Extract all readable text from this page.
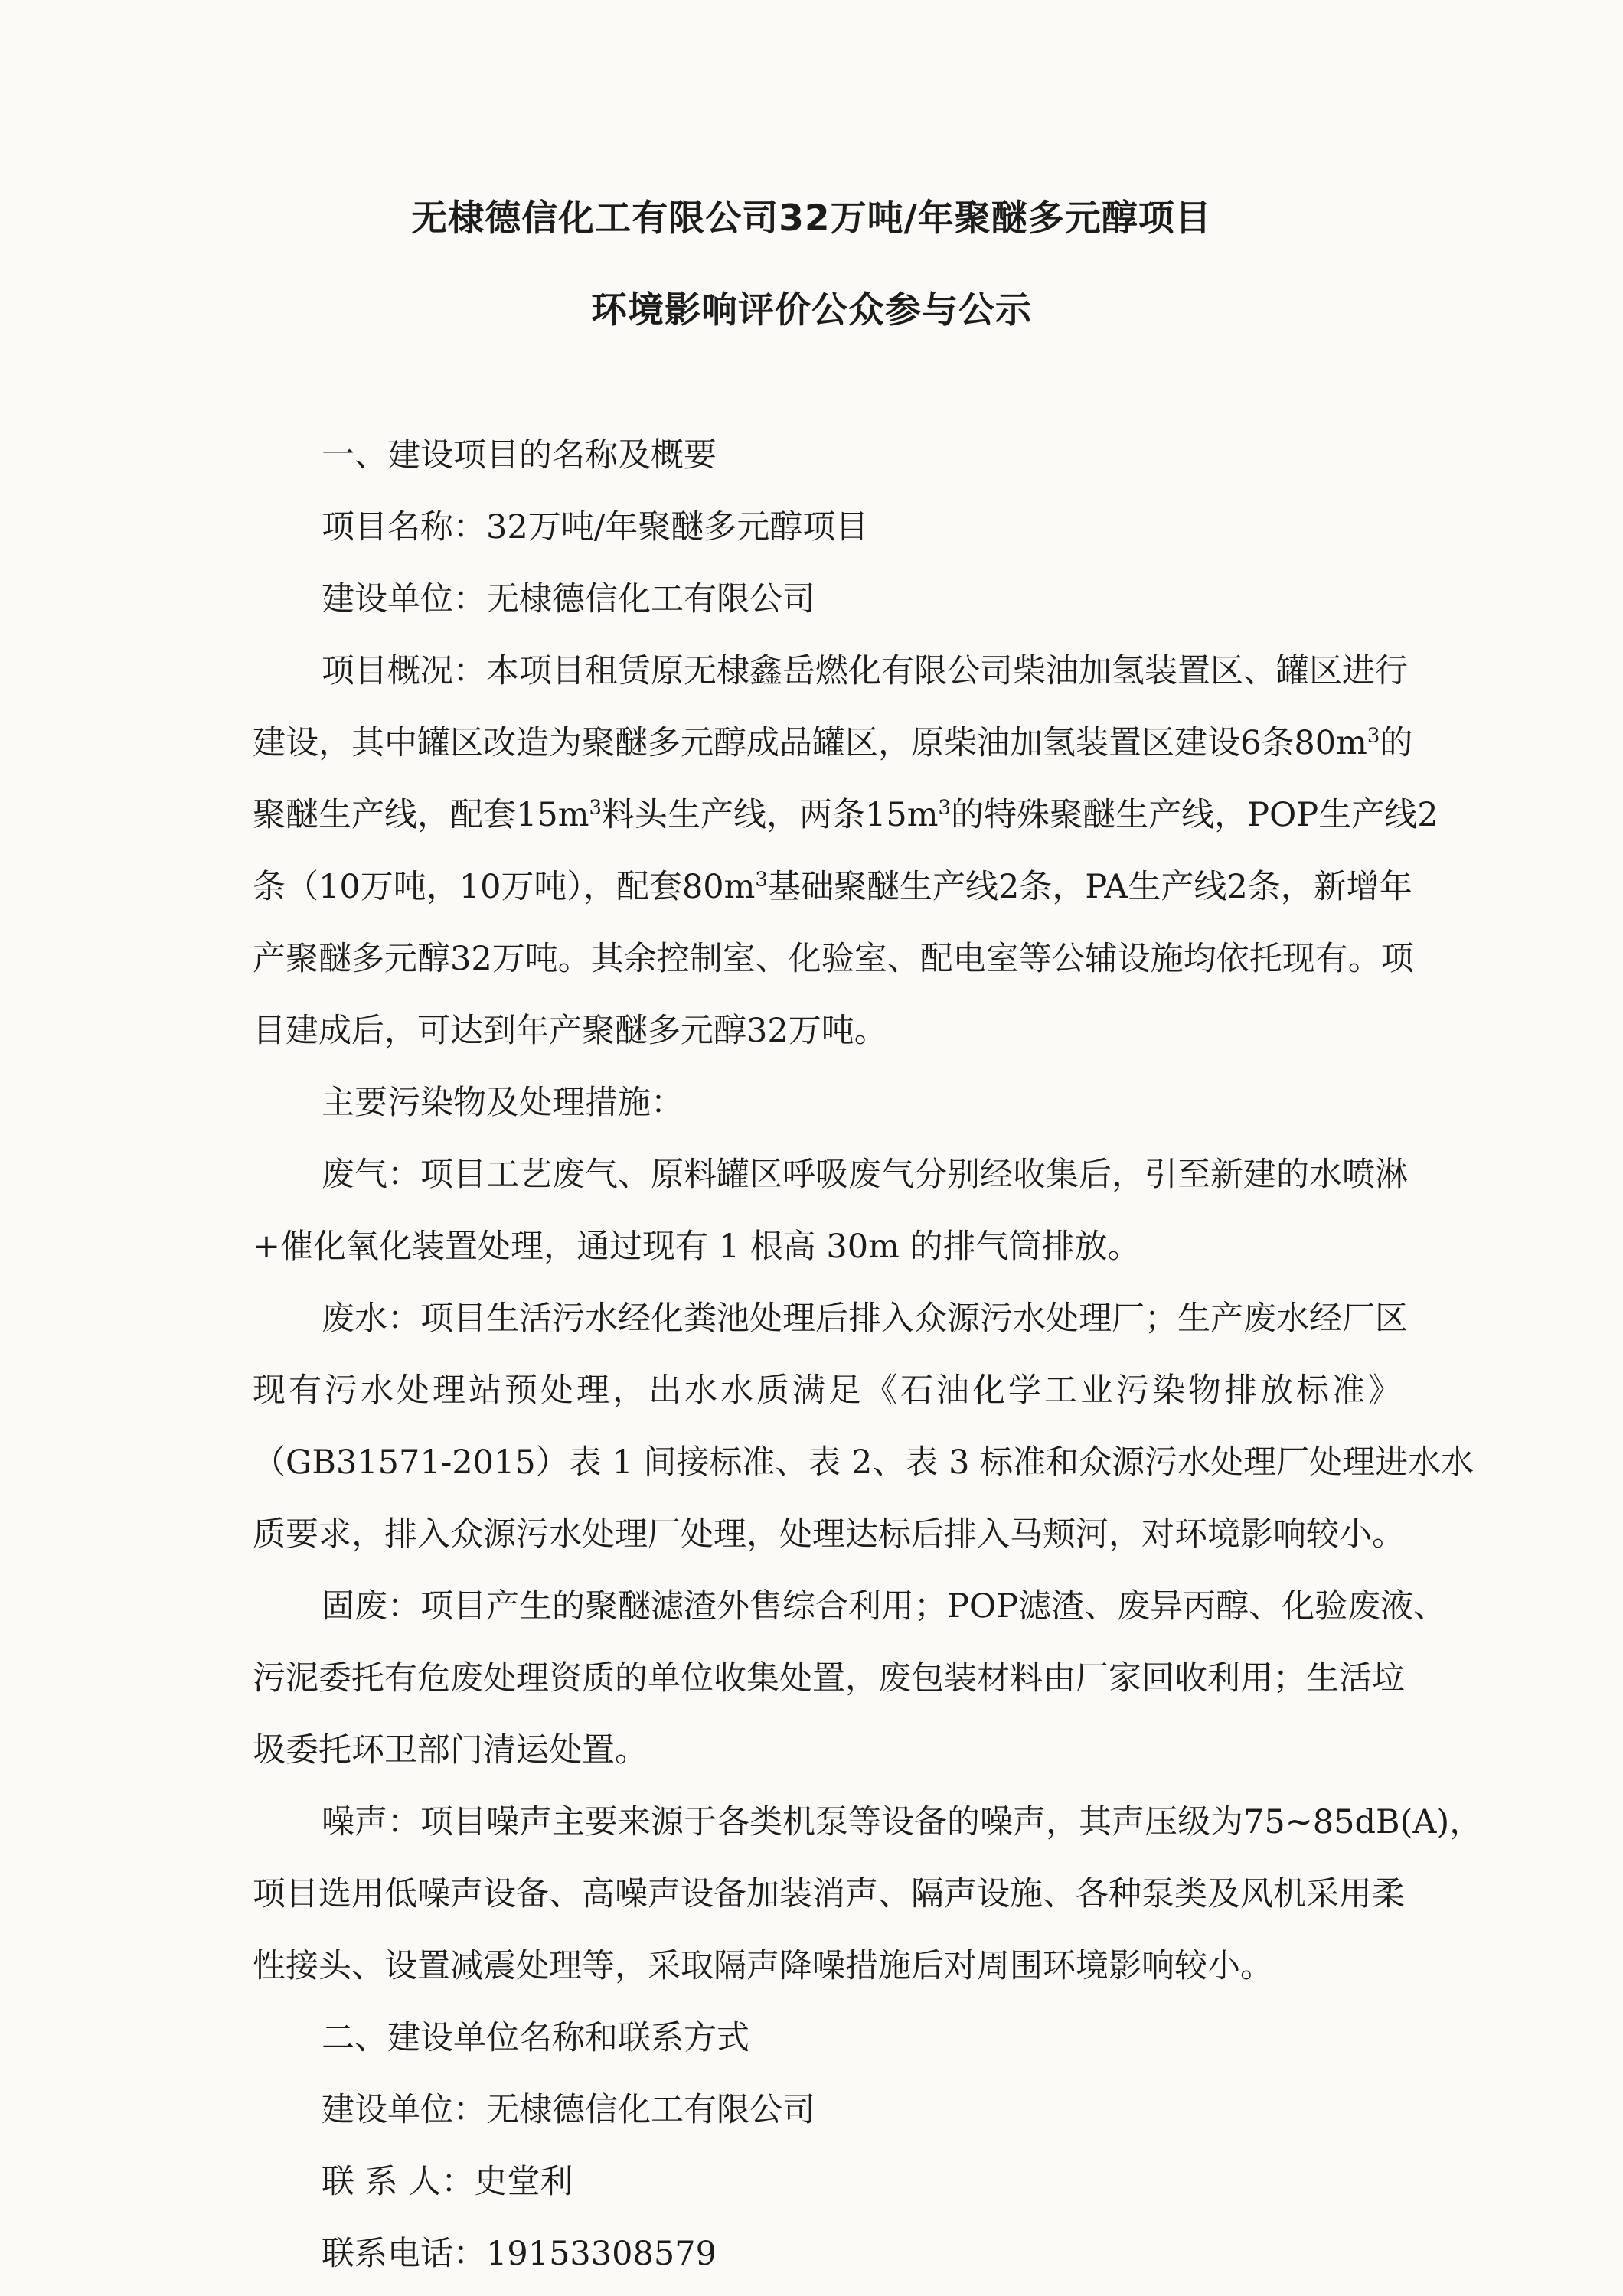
无棣德信化工有限公司32万吨/年聚醚多元醇项目
环境影响评价公众参与公示
一、建设项目的名称及概要
项目名称：32万吨/年聚醚多元醇项目
建设单位：无棣德信化工有限公司
项目概况：本项目租赁原无棣鑫岳燃化有限公司柴油加氢装置区、罐区进行
建设，其中罐区改造为聚醚多元醇成品罐区，原柴油加氢装置区建设6条$80m^3$的
聚醚生产线，配套$15m^3$料头生产线，两条$15m^3$的特殊聚醚生产线，POP生产线2
条（10万吨，10万吨），配套$80m^3$基础聚醚生产线2条，PA生产线2条，新增年
产聚醚多元醇32万吨。其余控制室、化验室、配电室等公辅设施均依托现有。项
目建成后，可达到年产聚醚多元醇32万吨。
主要污染物及处理措施：
废气：项目工艺废气、原料罐区呼吸废气分别经收集后，引至新建的水喷淋
+催化氧化装置处理，通过现有 1 根高 30m 的排气筒排放。
废水：项目生活污水经化粪池处理后排入众源污水处理厂；生产废水经厂区
现有污水处理站预处理，出水水质满足《石油化学工业污染物排放标准》
（GB31571-2015）表 1 间接标准、表 2、表 3 标准和众源污水处理厂处理进水水
质要求，排入众源污水处理厂处理，处理达标后排入马颊河，对环境影响较小。
固废：项目产生的聚醚滤渣外售综合利用；POP滤渣、废异丙醇、化验废液、
污泥委托有危废处理资质的单位收集处置，废包装材料由厂家回收利用；生活垃
圾委托环卫部门清运处置。
噪声：项目噪声主要来源于各类机泵等设备的噪声，其声压级为75~85dB(A)，
项目选用低噪声设备、高噪声设备加装消声、隔声设施、各种泵类及风机采用柔
性接头、设置减震处理等，采取隔声降噪措施后对周围环境影响较小。
二、建设单位名称和联系方式
建设单位：无棣德信化工有限公司
联 系 人：史堂利
联系电话：19153308579
